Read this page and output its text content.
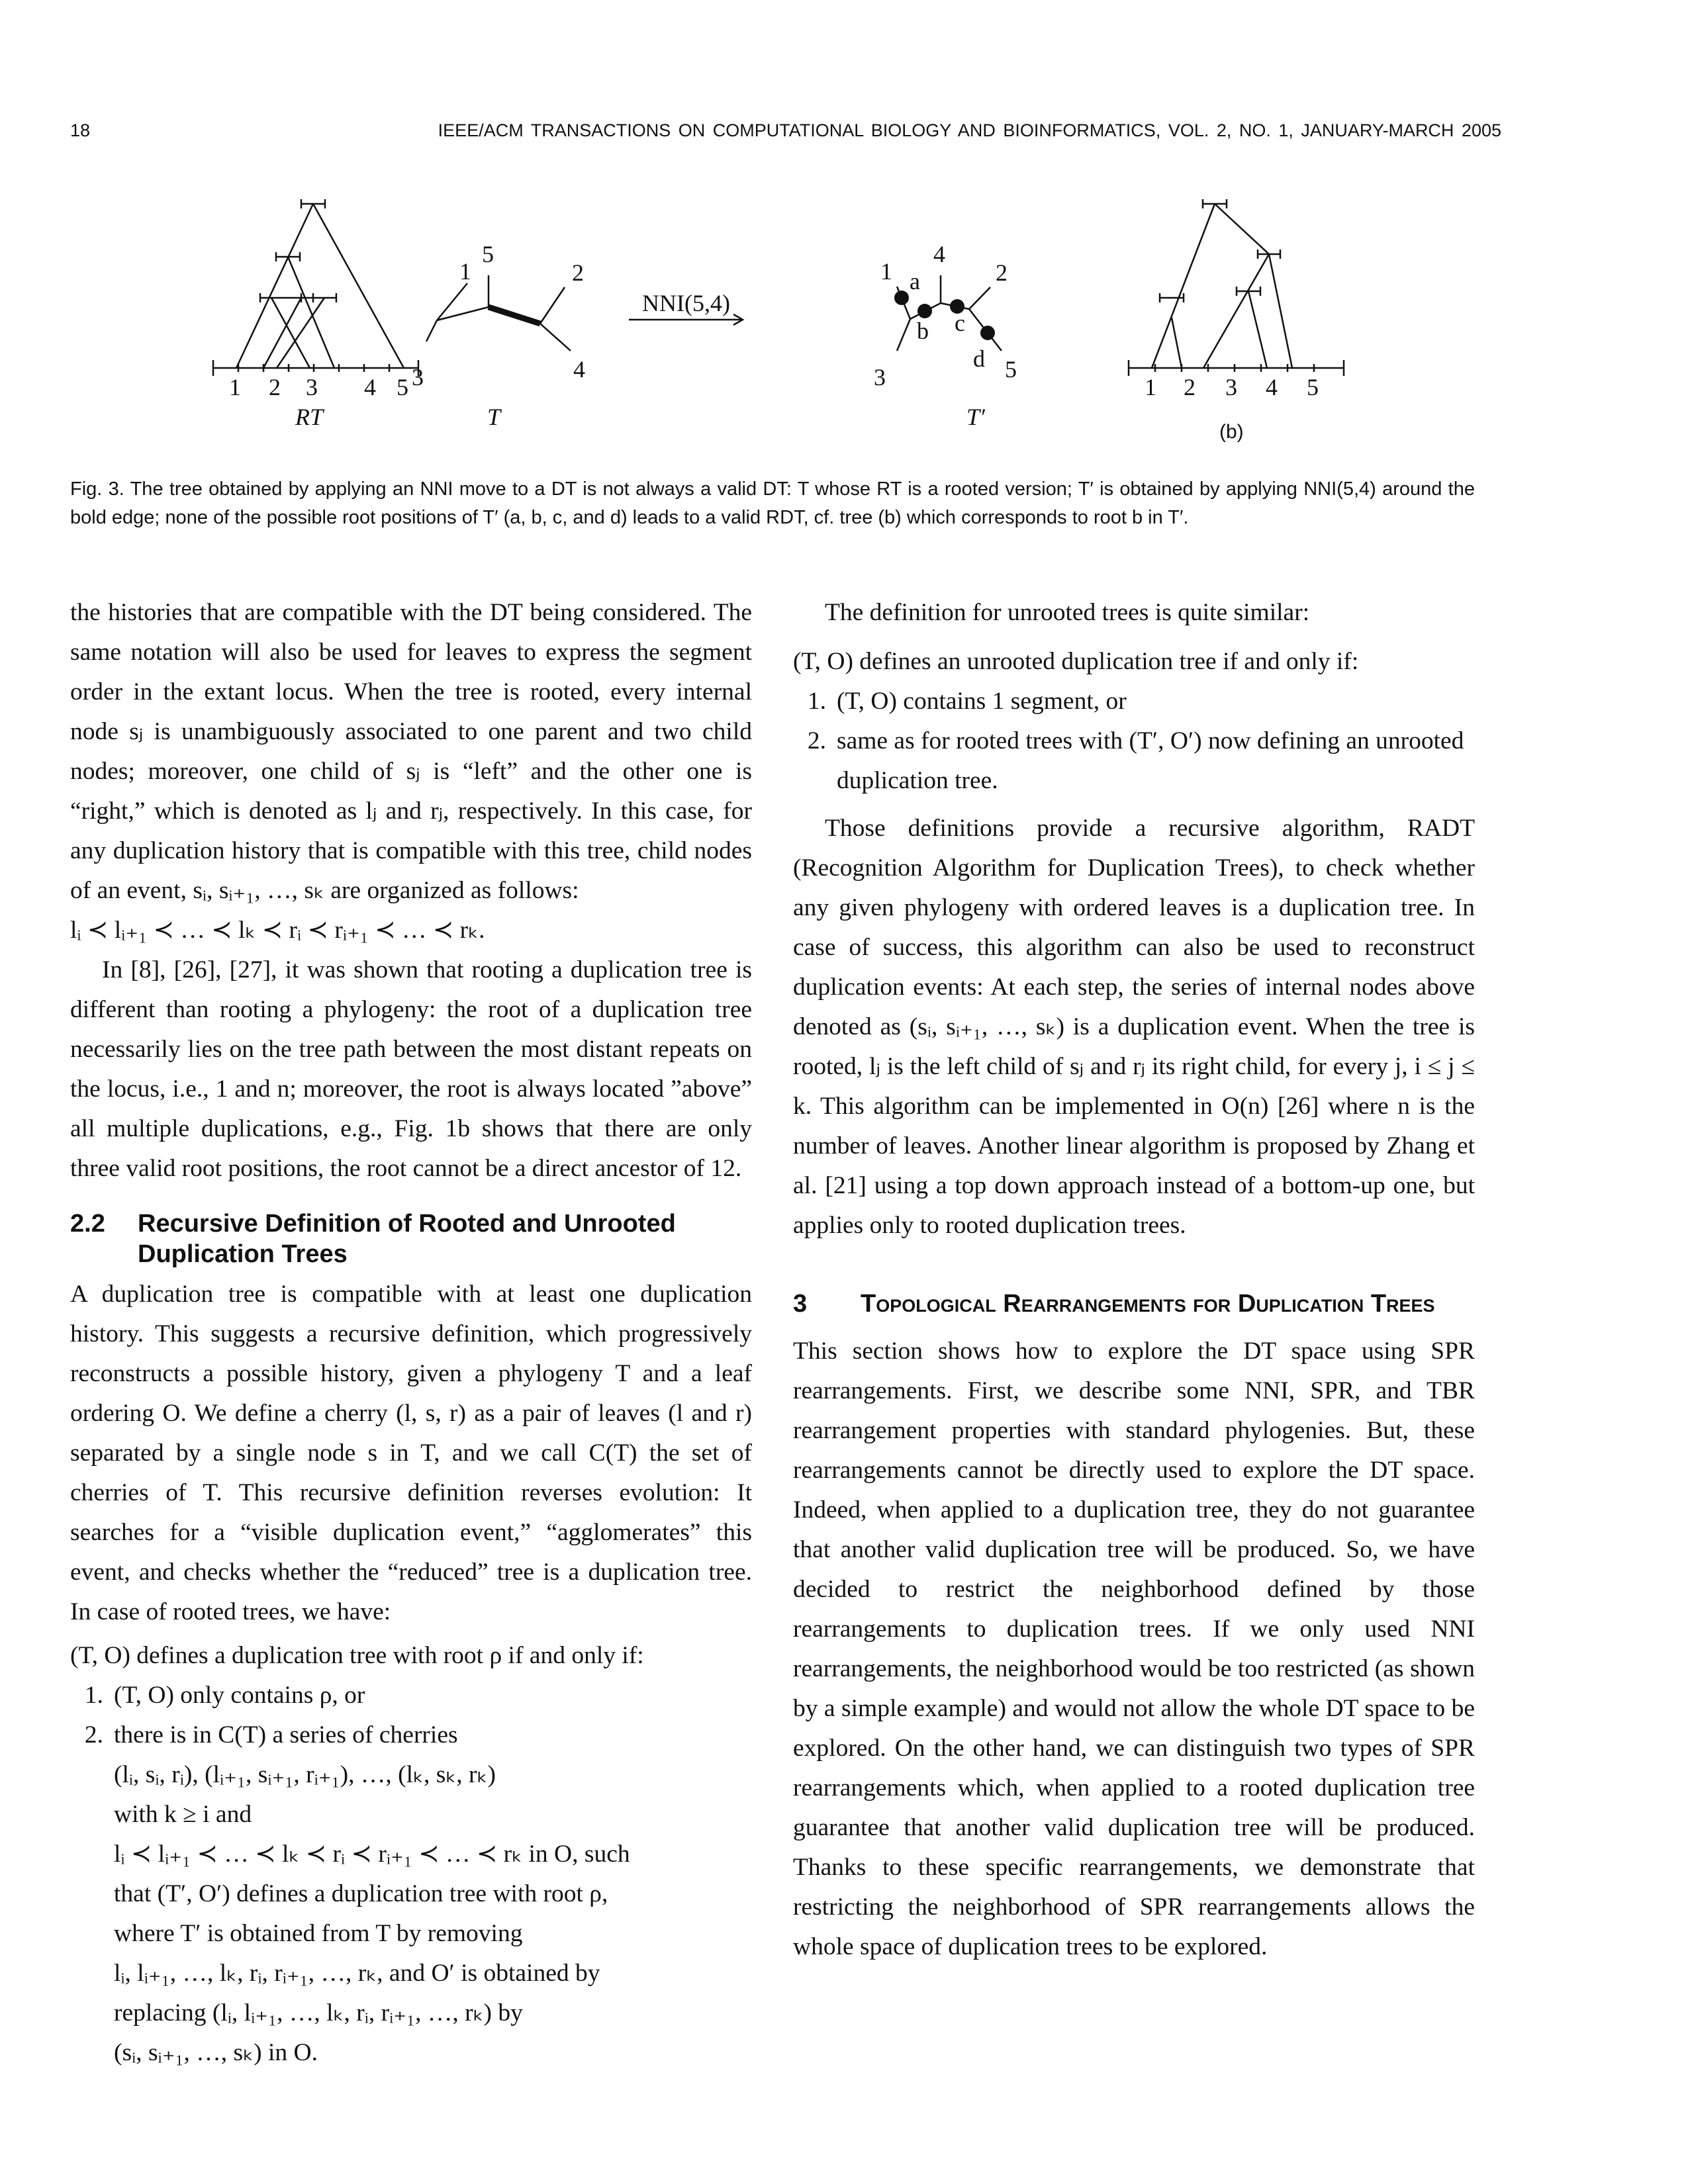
18	IEEE/ACM TRANSACTIONS ON COMPUTATIONAL BIOLOGY AND BIOINFORMATICS, VOL. 2, NO. 1, JANUARY-MARCH 2005
1 2 3 4 5
RT
1
5
2
3	4
T
NNI(5,4)
1
4
2
3	5
a
b c
d
T′
1 2 3 4 5
(b)
Fig. 3. The tree obtained by applying an NNI move to a DT is not always a valid DT: T whose RT is a rooted version; T′ is obtained by applying NNI(5,4) around the bold edge; none of the possible root positions of T′ (a, b, c, and d) leads to a valid RDT, cf. tree (b) which corresponds to root b in T′.

the histories that are compatible with the DT being considered. The same notation will also be used for leaves to express the segment order in the extant locus. When the tree is rooted, every internal node sⱼ is unambiguously associated to one parent and two child nodes; moreover, one child of sⱼ is “left” and the other one is “right,” which is denoted as lⱼ and rⱼ, respectively. In this case, for any duplication history that is compatible with this tree, child nodes of an event, sᵢ, sᵢ₊₁, …, sₖ are organized as follows:

lᵢ ≺ lᵢ₊₁ ≺ … ≺ lₖ ≺ rᵢ ≺ rᵢ₊₁ ≺ … ≺ rₖ.

In [8], [26], [27], it was shown that rooting a duplication tree is different than rooting a phylogeny: the root of a duplication tree necessarily lies on the tree path between the most distant repeats on the locus, i.e., 1 and n; moreover, the root is always located ”above” all multiple duplications, e.g., Fig. 1b shows that there are only three valid root positions, the root cannot be a direct ancestor of 12.

2.2	Recursive Definition of Rooted and Unrooted Duplication Trees

A duplication tree is compatible with at least one duplication history. This suggests a recursive definition, which progressively reconstructs a possible history, given a phylogeny T and a leaf ordering O. We define a cherry (l, s, r) as a pair of leaves (l and r) separated by a single node s in T, and we call C(T) the set of cherries of T. This recursive definition reverses evolution: It searches for a “visible duplication event,” “agglomerates” this event, and checks whether the “reduced” tree is a duplication tree. In case of rooted trees, we have:

(T, O) defines a duplication tree with root ρ if and only if:

1. (T, O) only contains ρ, or
2. there is in C(T) a series of cherries
(lᵢ, sᵢ, rᵢ), (lᵢ₊₁, sᵢ₊₁, rᵢ₊₁), …, (lₖ, sₖ, rₖ)
with k ≥ i and
lᵢ ≺ lᵢ₊₁ ≺ … ≺ lₖ ≺ rᵢ ≺ rᵢ₊₁ ≺ … ≺ rₖ in O, such
that (T′, O′) defines a duplication tree with root ρ,
where T′ is obtained from T by removing
lᵢ, lᵢ₊₁, …, lₖ, rᵢ, rᵢ₊₁, …, rₖ, and O′ is obtained by
replacing (lᵢ, lᵢ₊₁, …, lₖ, rᵢ, rᵢ₊₁, …, rₖ) by
(sᵢ, sᵢ₊₁, …, sₖ) in O.

The definition for unrooted trees is quite similar:

(T, O) defines an unrooted duplication tree if and only if:

1. (T, O) contains 1 segment, or
2. same as for rooted trees with (T′, O′) now defining an unrooted duplication tree.

Those definitions provide a recursive algorithm, RADT (Recognition Algorithm for Duplication Trees), to check whether any given phylogeny with ordered leaves is a duplication tree. In case of success, this algorithm can also be used to reconstruct duplication events: At each step, the series of internal nodes above denoted as (sᵢ, sᵢ₊₁, …, sₖ) is a duplication event. When the tree is rooted, lⱼ is the left child of sⱼ and rⱼ its right child, for every j, i ≤ j ≤ k. This algorithm can be implemented in O(n) [26] where n is the number of leaves. Another linear algorithm is proposed by Zhang et al. [21] using a top down approach instead of a bottom-up one, but applies only to rooted duplication trees.

3	Topological Rearrangements for Duplication Trees

This section shows how to explore the DT space using SPR rearrangements. First, we describe some NNI, SPR, and TBR rearrangement properties with standard phylogenies. But, these rearrangements cannot be directly used to explore the DT space. Indeed, when applied to a duplication tree, they do not guarantee that another valid duplication tree will be produced. So, we have decided to restrict the neighborhood defined by those rearrangements to duplication trees. If we only used NNI rearrangements, the neighborhood would be too restricted (as shown by a simple example) and would not allow the whole DT space to be explored. On the other hand, we can distinguish two types of SPR rearrangements which, when applied to a rooted duplication tree guarantee that another valid duplication tree will be produced. Thanks to these specific rearrangements, we demonstrate that restricting the neighborhood of SPR rearrangements allows the whole space of duplication trees to be explored.
